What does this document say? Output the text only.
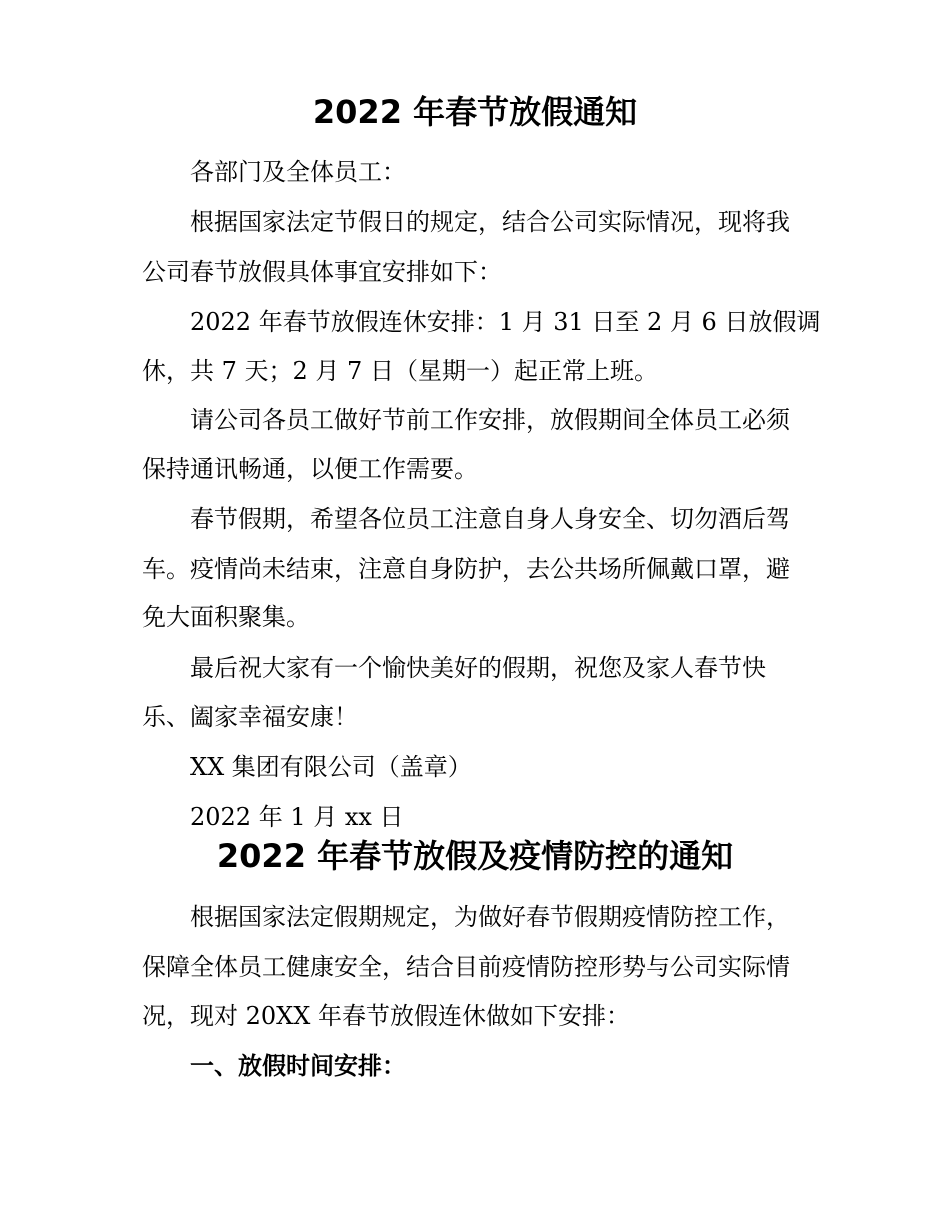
2022 年春节放假通知

各部门及全体员工：

根据国家法定节假日的规定，结合公司实际情况，现将我

公司春节放假具体事宜安排如下：

2022 年春节放假连休安排：1 月 31 日至 2 月 6 日放假调

休，共 7 天；2 月 7 日（星期一）起正常上班。

请公司各员工做好节前工作安排，放假期间全体员工必须

保持通讯畅通，以便工作需要。

春节假期，希望各位员工注意自身人身安全、切勿酒后驾

车。疫情尚未结束，注意自身防护，去公共场所佩戴口罩，避

免大面积聚集。

最后祝大家有一个愉快美好的假期，祝您及家人春节快

乐、阖家幸福安康！

XX 集团有限公司（盖章）

2022 年 1 月 xx 日

2022 年春节放假及疫情防控的通知

根据国家法定假期规定，为做好春节假期疫情防控工作，

保障全体员工健康安全，结合目前疫情防控形势与公司实际情

况，现对 20XX 年春节放假连休做如下安排：

一、放假时间安排：
